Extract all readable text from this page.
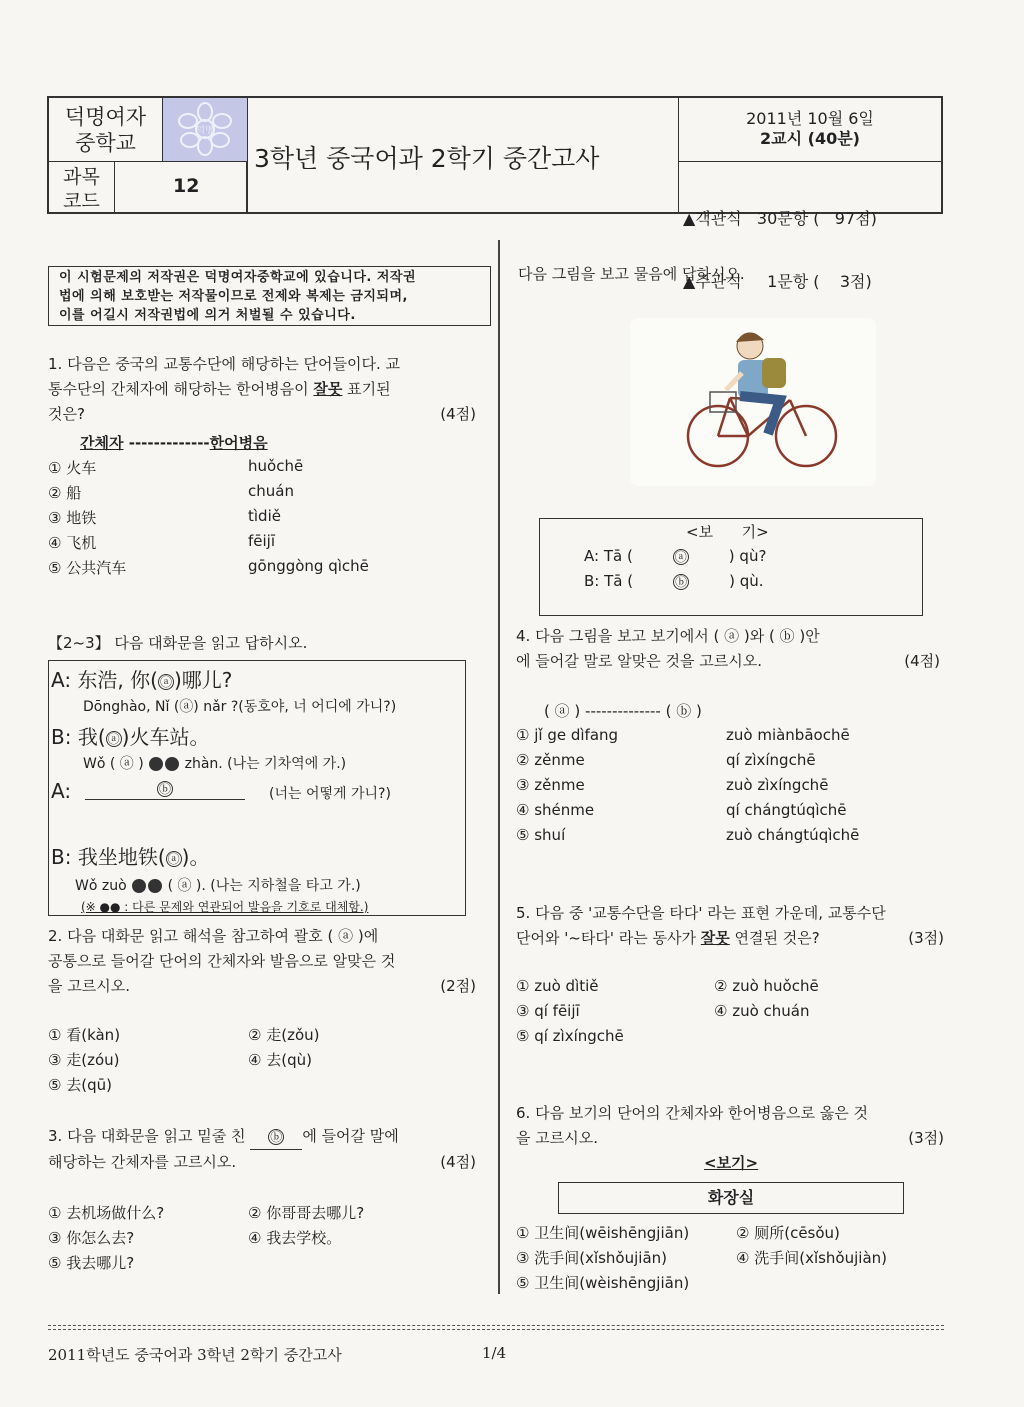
덕명여자
중학교	덕명
과목
코드
12
3학년 중국어과 2학기 중간고사
2011년 10월 6일
2교시 (40분)

▲객관식   30문항 (   97점)

▲주관식     1문항 (    3점)

이 시험문제의 저작권은 덕명여자중학교에 있습니다. 저작권
법에 의해 보호받는 저작물이므로 전제와 복제는 금지되며,
이를 어길시 저작권법에 의거 처벌될 수 있습니다.
1. 다음은 중국의 교통수단에 해당하는 단어들이다. 교
통수단의 간체자에 해당하는 한어병음이 잘못 표기된
것은?	(4점)
간체자 -------------한어병음
① 火车	huǒchē
② 船	chuán
③ 地铁	tìdiě
④ 飞机	fēijī
⑤ 公共汽车	gōnggòng qìchē
【2~3】 다음 대화문을 읽고 답하시오.
A: 东浩, 你( ⓐ )哪儿?
Dōnghào, Nǐ (ⓐ) nǎr ?(동호야, 너 어디에 가니?)
B: 我( ⓐ )火车站。
Wǒ ( ⓐ )	zhàn. (나는 기차역에 가.)
A:	ⓑ	(너는 어떻게 가니?)
B: 我坐地铁( ⓐ )。
Wǒ zuò	( ⓐ ). (나는 지하철을 타고 가.)
(※ ●● : 다른 문제와 연관되어 발음을 기호로 대체함.)
2. 다음 대화문 읽고 해석을 참고하여 괄호 ( ⓐ )에
공통으로 들어갈 단어의 간체자와 발음으로 알맞은 것
을 고르시오.	(2점)
① 看(kàn)	② 走(zǒu)
③ 走(zóu)	④ 去(qù)
⑤ 去(qū)
3. 다음 대화문을 읽고 밑줄 친 ⓑ 에 들어갈 말에
해당하는 간체자를 고르시오.	(4점)
① 去机场做什么?	② 你哥哥去哪儿?
③ 你怎么去?	④ 我去学校。
⑤ 我去哪儿?
다음 그림을 보고 물음에 답하시오.
<보      기>
A: Tā (	ⓐ	) qù?
B: Tā (	ⓑ	) qù.
4. 다음 그림을 보고 보기에서 ( ⓐ )와 ( ⓑ )안
에 들어갈 말로 알맞은 것을 고르시오.	(4점)
( ⓐ ) -------------- ( ⓑ )
① jǐ ge dìfang	zuò miànbāochē
② zěnme	qí zìxíngchē
③ zěnme	zuò zìxíngchē
④ shénme	qí chángtúqìchē
⑤ shuí	zuò chángtúqìchē
5. 다음 중 '교통수단을 타다' 라는 표현 가운데, 교통수단
단어와 '~타다' 라는 동사가 잘못 연결된 것은?	(3점)
① zuò dìtiě	② zuò huǒchē
③ qí fēijī	④ zuò chuán
⑤ qí zìxíngchē
6. 다음 보기의 단어의 간체자와 한어병음으로 옳은 것
을 고르시오.	(3점)
<보기>
화장실
① 卫生间(wēishēngjiān)	② 厕所(cēsǒu)
③ 洗手间(xǐshǒujiān)	④ 洗手间(xǐshǒujiàn)
⑤ 卫生间(wèishēngjiān)
2011학년도 중국어과 3학년 2학기 중간고사	1/4
